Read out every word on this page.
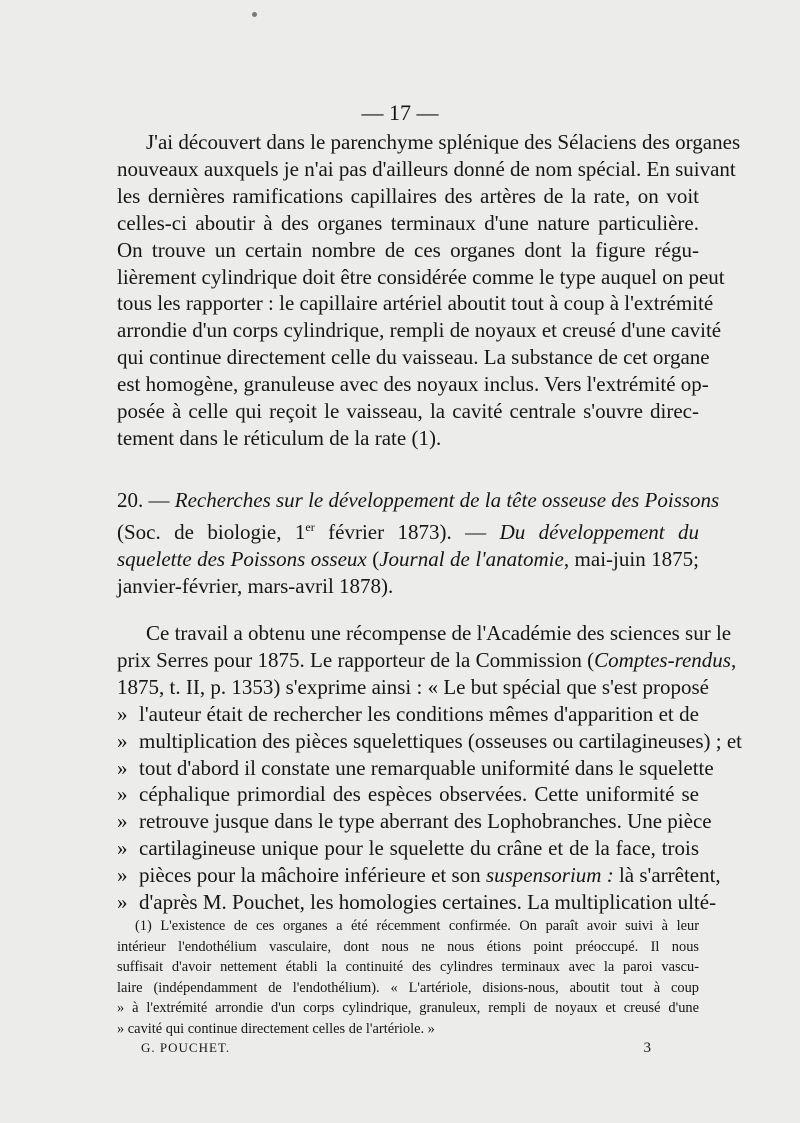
— 17 —
J'ai découvert dans le parenchyme splénique des Sélaciens des organes
nouveaux auxquels je n'ai pas d'ailleurs donné de nom spécial. En suivant
les dernières ramifications capillaires des artères de la rate, on voit
celles-ci aboutir à des organes terminaux d'une nature particulière.
On trouve un certain nombre de ces organes dont la figure régu-
lièrement cylindrique doit être considérée comme le type auquel on peut
tous les rapporter : le capillaire artériel aboutit tout à coup à l'extrémité
arrondie d'un corps cylindrique, rempli de noyaux et creusé d'une cavité
qui continue directement celle du vaisseau. La substance de cet organe
est homogène, granuleuse avec des noyaux inclus. Vers l'extrémité op-
posée à celle qui reçoit le vaisseau, la cavité centrale s'ouvre direc-
tement dans le réticulum de la rate (1).
20. — Recherches sur le développement de la tête osseuse des Poissons
(Soc. de biologie, 1er février 1873). — Du développement du
squelette des Poissons osseux (Journal de l'anatomie, mai-juin 1875;
janvier-février, mars-avril 1878).
Ce travail a obtenu une récompense de l'Académie des sciences sur le
prix Serres pour 1875. Le rapporteur de la Commission (Comptes-rendus,
1875, t. II, p. 1353) s'exprime ainsi : « Le but spécial que s'est proposé
» l'auteur était de rechercher les conditions mêmes d'apparition et de
» multiplication des pièces squelettiques (osseuses ou cartilagineuses) ; et
» tout d'abord il constate une remarquable uniformité dans le squelette
» céphalique primordial des espèces observées. Cette uniformité se
» retrouve jusque dans le type aberrant des Lophobranches. Une pièce
» cartilagineuse unique pour le squelette du crâne et de la face, trois
» pièces pour la mâchoire inférieure et son suspensorium : là s'arrêtent,
» d'après M. Pouchet, les homologies certaines. La multiplication ulté-
(1) L'existence de ces organes a été récemment confirmée. On paraît avoir suivi à leur
intérieur l'endothélium vasculaire, dont nous ne nous étions point préoccupé. Il nous
suffisait d'avoir nettement établi la continuité des cylindres terminaux avec la paroi vascu-
laire (indépendamment de l'endothélium). « L'artériole, disions-nous, aboutit tout à coup
» à l'extrémité arrondie d'un corps cylindrique, granuleux, rempli de noyaux et creusé d'une
» cavité qui continue directement celles de l'artériole. »
G. POUCHET.	3
